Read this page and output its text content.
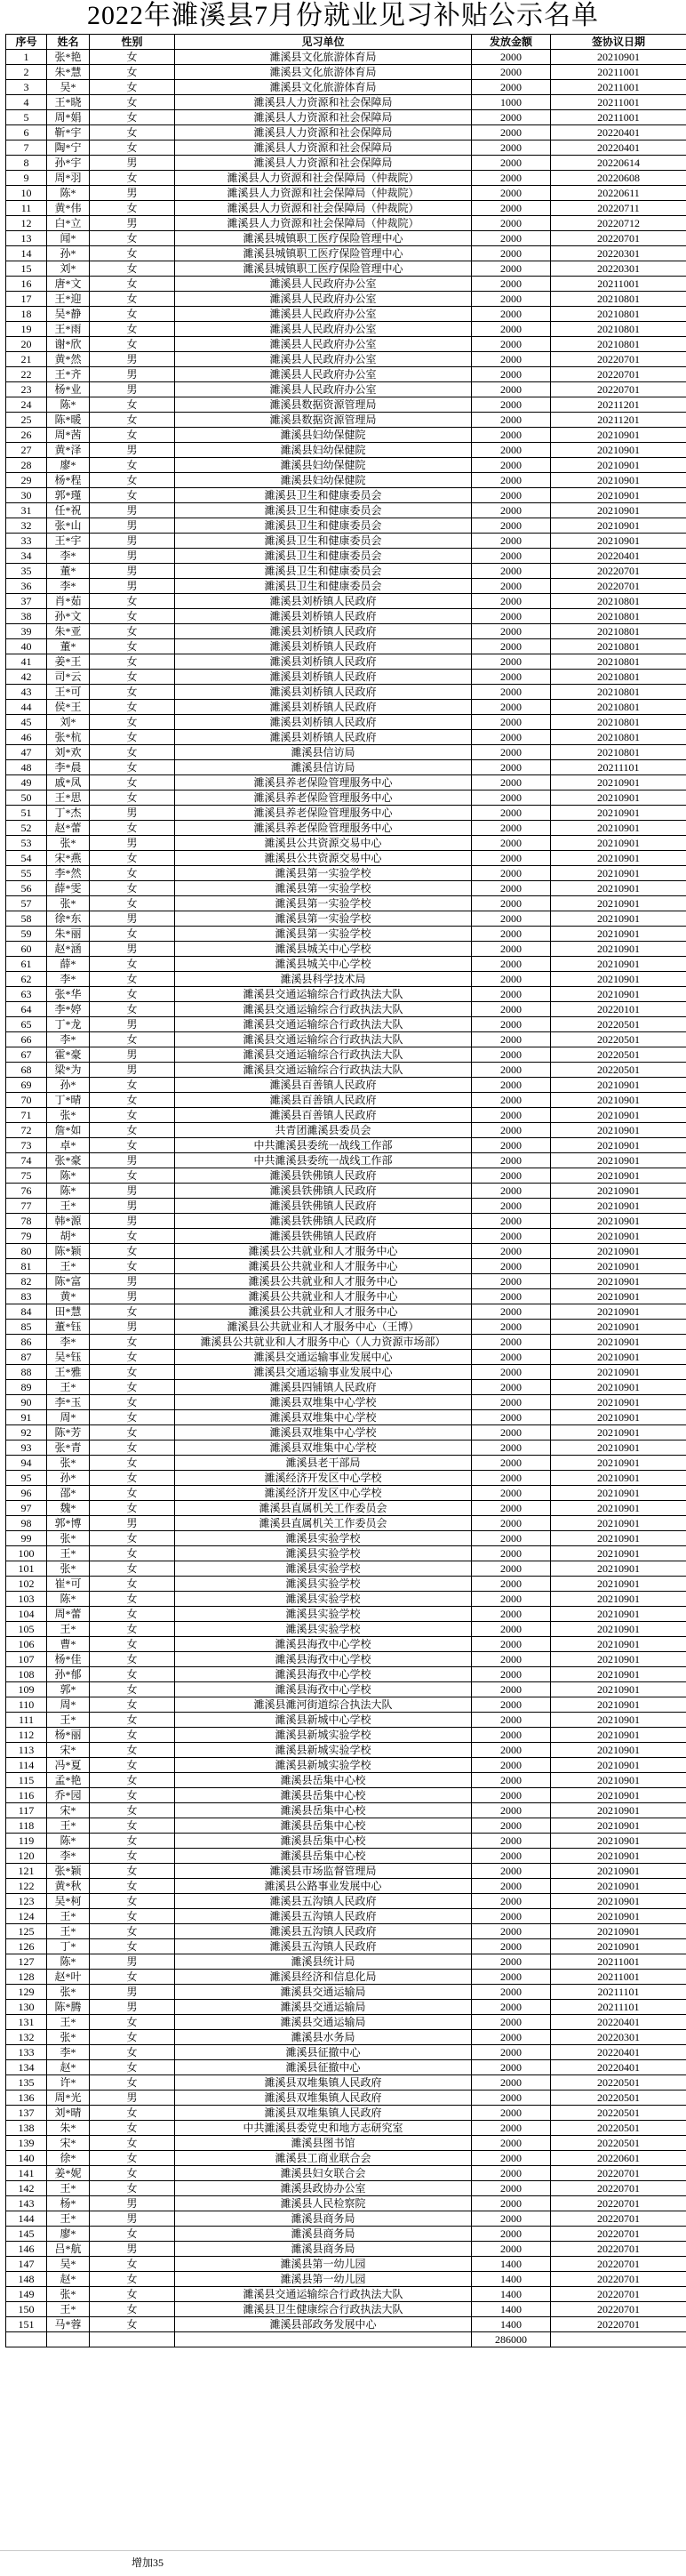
2022年濉溪县7月份就业见习补贴公示名单
序号	姓名	性别	见习单位	发放金额	签协议日期
1	张*艳	女	濉溪县文化旅游体育局	2000	20210901
2	朱*慧	女	濉溪县文化旅游体育局	2000	20211001
3	吴*	女	濉溪县文化旅游体育局	2000	20211001
4	王*晓	女	濉溪县人力资源和社会保障局	1000	20211001
5	周*娟	女	濉溪县人力资源和社会保障局	2000	20211001
6	靳*宇	女	濉溪县人力资源和社会保障局	2000	20220401
7	陶*宁	女	濉溪县人力资源和社会保障局	2000	20220401
8	孙*宇	男	濉溪县人力资源和社会保障局	2000	20220614
9	周*羽	女	濉溪县人力资源和社会保障局（仲裁院）	2000	20220608
10	陈*	男	濉溪县人力资源和社会保障局（仲裁院）	2000	20220611
11	黄*伟	女	濉溪县人力资源和社会保障局（仲裁院）	2000	20220711
12	白*立	男	濉溪县人力资源和社会保障局（仲裁院）	2000	20220712
13	闻*	女	濉溪县城镇职工医疗保险管理中心	2000	20220701
14	孙*	女	濉溪县城镇职工医疗保险管理中心	2000	20220301
15	刘*	女	濉溪县城镇职工医疗保险管理中心	2000	20220301
16	唐*文	女	濉溪县人民政府办公室	2000	20211001
17	王*迎	女	濉溪县人民政府办公室	2000	20210801
18	吴*静	女	濉溪县人民政府办公室	2000	20210801
19	王*雨	女	濉溪县人民政府办公室	2000	20210801
20	谢*欣	女	濉溪县人民政府办公室	2000	20210801
21	黄*然	男	濉溪县人民政府办公室	2000	20220701
22	王*齐	男	濉溪县人民政府办公室	2000	20220701
23	杨*业	男	濉溪县人民政府办公室	2000	20220701
24	陈*	女	濉溪县数据资源管理局	2000	20211201
25	陈*暖	女	濉溪县数据资源管理局	2000	20211201
26	周*茜	女	濉溪县妇幼保健院	2000	20210901
27	黄*泽	男	濉溪县妇幼保健院	2000	20210901
28	廖*	女	濉溪县妇幼保健院	2000	20210901
29	杨*程	女	濉溪县妇幼保健院	2000	20210901
30	郭*瑾	女	濉溪县卫生和健康委员会	2000	20210901
31	任*祝	男	濉溪县卫生和健康委员会	2000	20210901
32	张*山	男	濉溪县卫生和健康委员会	2000	20210901
33	王*宇	男	濉溪县卫生和健康委员会	2000	20210901
34	李*	男	濉溪县卫生和健康委员会	2000	20220401
35	董*	男	濉溪县卫生和健康委员会	2000	20220701
36	李*	男	濉溪县卫生和健康委员会	2000	20220701
37	肖*茹	女	濉溪县刘桥镇人民政府	2000	20210801
38	孙*文	女	濉溪县刘桥镇人民政府	2000	20210801
39	朱*亚	女	濉溪县刘桥镇人民政府	2000	20210801
40	董*	女	濉溪县刘桥镇人民政府	2000	20210801
41	姜*王	女	濉溪县刘桥镇人民政府	2000	20210801
42	司*云	女	濉溪县刘桥镇人民政府	2000	20210801
43	王*可	女	濉溪县刘桥镇人民政府	2000	20210801
44	侯*王	女	濉溪县刘桥镇人民政府	2000	20210801
45	刘*	女	濉溪县刘桥镇人民政府	2000	20210801
46	张*杭	女	濉溪县刘桥镇人民政府	2000	20210801
47	刘*欢	女	濉溪县信访局	2000	20210801
48	李*晨	女	濉溪县信访局	2000	20211101
49	戚*凤	女	濉溪县养老保险管理服务中心	2000	20210901
50	王*思	女	濉溪县养老保险管理服务中心	2000	20210901
51	丁*杰	男	濉溪县养老保险管理服务中心	2000	20210901
52	赵*蕾	女	濉溪县养老保险管理服务中心	2000	20210901
53	张*	男	濉溪县公共资源交易中心	2000	20210901
54	宋*燕	女	濉溪县公共资源交易中心	2000	20210901
55	李*然	女	濉溪县第一实验学校	2000	20210901
56	薛*雯	女	濉溪县第一实验学校	2000	20210901
57	张*	女	濉溪县第一实验学校	2000	20210901
58	徐*东	男	濉溪县第一实验学校	2000	20210901
59	朱*丽	女	濉溪县第一实验学校	2000	20210901
60	赵*涵	男	濉溪县城关中心学校	2000	20210901
61	薛*	女	濉溪县城关中心学校	2000	20210901
62	李*	女	濉溪县科学技术局	2000	20210901
63	张*华	女	濉溪县交通运输综合行政执法大队	2000	20210901
64	李*婷	女	濉溪县交通运输综合行政执法大队	2000	20220101
65	丁*龙	男	濉溪县交通运输综合行政执法大队	2000	20220501
66	李*	女	濉溪县交通运输综合行政执法大队	2000	20220501
67	霍*豪	男	濉溪县交通运输综合行政执法大队	2000	20220501
68	梁*为	男	濉溪县交通运输综合行政执法大队	2000	20220501
69	孙*	女	濉溪县百善镇人民政府	2000	20210901
70	丁*晴	女	濉溪县百善镇人民政府	2000	20210901
71	张*	女	濉溪县百善镇人民政府	2000	20210901
72	詹*如	女	共青团濉溪县委员会	2000	20210901
73	卓*	女	中共濉溪县委统一战线工作部	2000	20210901
74	张*豪	男	中共濉溪县委统一战线工作部	2000	20210901
75	陈*	女	濉溪县铁佛镇人民政府	2000	20210901
76	陈*	男	濉溪县铁佛镇人民政府	2000	20210901
77	王*	男	濉溪县铁佛镇人民政府	2000	20210901
78	韩*源	男	濉溪县铁佛镇人民政府	2000	20210901
79	胡*	女	濉溪县铁佛镇人民政府	2000	20210901
80	陈*颖	女	濉溪县公共就业和人才服务中心	2000	20210901
81	王*	女	濉溪县公共就业和人才服务中心	2000	20210901
82	陈*富	男	濉溪县公共就业和人才服务中心	2000	20210901
83	黄*	男	濉溪县公共就业和人才服务中心	2000	20210901
84	田*慧	女	濉溪县公共就业和人才服务中心	2000	20210901
85	董*钰	男	濉溪县公共就业和人才服务中心（王博）	2000	20210901
86	李*	女	濉溪县公共就业和人才服务中心（人力资源市场部）	2000	20210901
87	吴*钰	女	濉溪县交通运输事业发展中心	2000	20210901
88	王*雅	女	濉溪县交通运输事业发展中心	2000	20210901
89	王*	女	濉溪县四铺镇人民政府	2000	20210901
90	李*玉	女	濉溪县双堆集中心学校	2000	20210901
91	周*	女	濉溪县双堆集中心学校	2000	20210901
92	陈*芳	女	濉溪县双堆集中心学校	2000	20210901
93	张*青	女	濉溪县双堆集中心学校	2000	20210901
94	张*	女	濉溪县老干部局	2000	20210901
95	孙*	女	濉溪经济开发区中心学校	2000	20210901
96	邵*	女	濉溪经济开发区中心学校	2000	20210901
97	魏*	女	濉溪县直属机关工作委员会	2000	20210901
98	郭*博	男	濉溪县直属机关工作委员会	2000	20210901
99	张*	女	濉溪县实验学校	2000	20210901
100	王*	女	濉溪县实验学校	2000	20210901
101	张*	女	濉溪县实验学校	2000	20210901
102	崔*可	女	濉溪县实验学校	2000	20210901
103	陈*	女	濉溪县实验学校	2000	20210901
104	周*蕾	女	濉溪县实验学校	2000	20210901
105	王*	女	濉溪县实验学校	2000	20210901
106	曹*	女	濉溪县海孜中心学校	2000	20210901
107	杨*佳	女	濉溪县海孜中心学校	2000	20210901
108	孙*郁	女	濉溪县海孜中心学校	2000	20210901
109	郭*	女	濉溪县海孜中心学校	2000	20210901
110	周*	女	濉溪县濉河街道综合执法大队	2000	20210901
111	王*	女	濉溪县新城中心学校	2000	20210901
112	杨*丽	女	濉溪县新城实验学校	2000	20210901
113	宋*	女	濉溪县新城实验学校	2000	20210901
114	冯*夏	女	濉溪县新城实验学校	2000	20210901
115	孟*艳	女	濉溪县岳集中心校	2000	20210901
116	乔*园	女	濉溪县岳集中心校	2000	20210901
117	宋*	女	濉溪县岳集中心校	2000	20210901
118	王*	女	濉溪县岳集中心校	2000	20210901
119	陈*	女	濉溪县岳集中心校	2000	20210901
120	李*	女	濉溪县岳集中心校	2000	20210901
121	张*颖	女	濉溪县市场监督管理局	2000	20210901
122	黄*秋	女	濉溪县公路事业发展中心	2000	20210901
123	吴*柯	女	濉溪县五沟镇人民政府	2000	20210901
124	王*	女	濉溪县五沟镇人民政府	2000	20210901
125	王*	女	濉溪县五沟镇人民政府	2000	20210901
126	丁*	女	濉溪县五沟镇人民政府	2000	20210901
127	陈*	男	濉溪县统计局	2000	20211001
128	赵*叶	女	濉溪县经济和信息化局	2000	20211001
129	张*	男	濉溪县交通运输局	2000	20211101
130	陈*腾	男	濉溪县交通运输局	2000	20211101
131	王*	女	濉溪县交通运输局	2000	20220401
132	张*	女	濉溪县水务局	2000	20220301
133	李*	女	濉溪县征撤中心	2000	20220401
134	赵*	女	濉溪县征撤中心	2000	20220401
135	许*	女	濉溪县双堆集镇人民政府	2000	20220501
136	周*光	男	濉溪县双堆集镇人民政府	2000	20220501
137	刘*晴	女	濉溪县双堆集镇人民政府	2000	20220501
138	朱*	女	中共濉溪县委党史和地方志研究室	2000	20220501
139	宋*	女	濉溪县图书馆	2000	20220501
140	徐*	女	濉溪县工商业联合会	2000	20220601
141	姜*妮	女	濉溪县妇女联合会	2000	20220701
142	王*	女	濉溪县政协办公室	2000	20220701
143	杨*	男	濉溪县人民检察院	2000	20220701
144	王*	男	濉溪县商务局	2000	20220701
145	廖*	女	濉溪县商务局	2000	20220701
146	吕*航	男	濉溪县商务局	2000	20220701
147	吴*	女	濉溪县第一幼儿园	1400	20220701
148	赵*	女	濉溪县第一幼儿园	1400	20220701
149	张*	女	濉溪县交通运输综合行政执法大队	1400	20220701
150	王*	女	濉溪县卫生健康综合行政执法大队	1400	20220701
151	马*蓉	女	濉溪县部政务发展中心	1400	20220701
				286000	
增加35
